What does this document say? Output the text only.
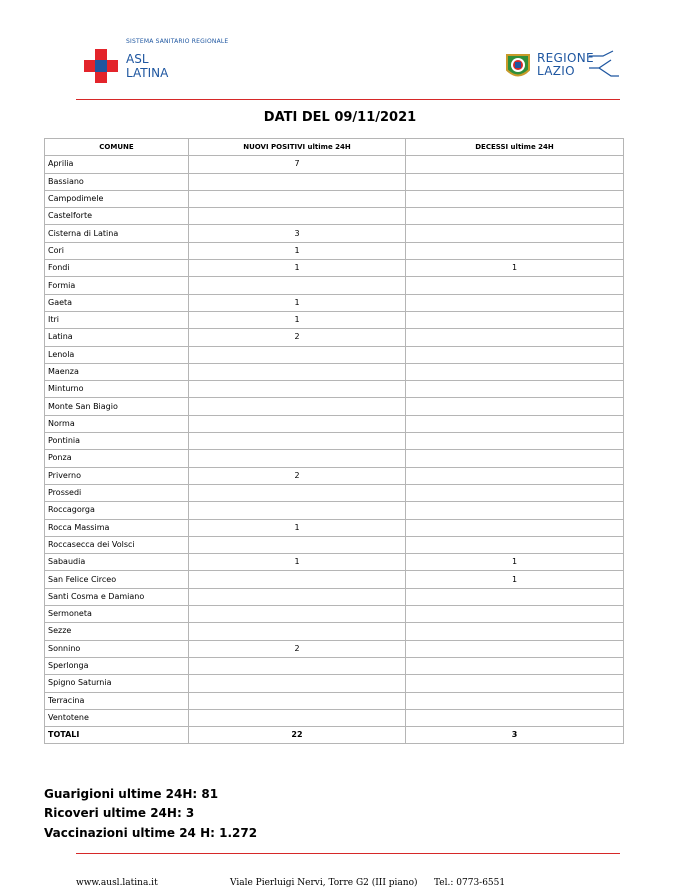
SISTEMA SANITARIO REGIONALE
ASL
LATINA
REGIONE
LAZIO
DATI DEL 09/11/2021
COMUNE	NUOVI POSITIVI ultime 24H	DECESSI ultime 24H
Aprilia	7	
Bassiano		
Campodimele		
Castelforte		
Cisterna di Latina	3	
Cori	1	
Fondi	1	1
Formia		
Gaeta	1	
Itri	1	
Latina	2	
Lenola		
Maenza		
Minturno		
Monte San Biagio		
Norma		
Pontinia		
Ponza		
Priverno	2	
Prossedi		
Roccagorga		
Rocca Massima	1	
Roccasecca dei Volsci		
Sabaudia	1	1
San Felice Circeo		1
Santi Cosma e Damiano		
Sermoneta		
Sezze		
Sonnino	2	
Sperlonga		
Spigno Saturnia		
Terracina		
Ventotene		
TOTALI	22	3
Guarigioni ultime 24H: 81
Ricoveri ultime 24H: 3
Vaccinazioni ultime 24 H: 1.272
www.ausl.latina.it	Viale Pierluigi Nervi, Torre G2 (III piano) Tel.: 0773-6551
